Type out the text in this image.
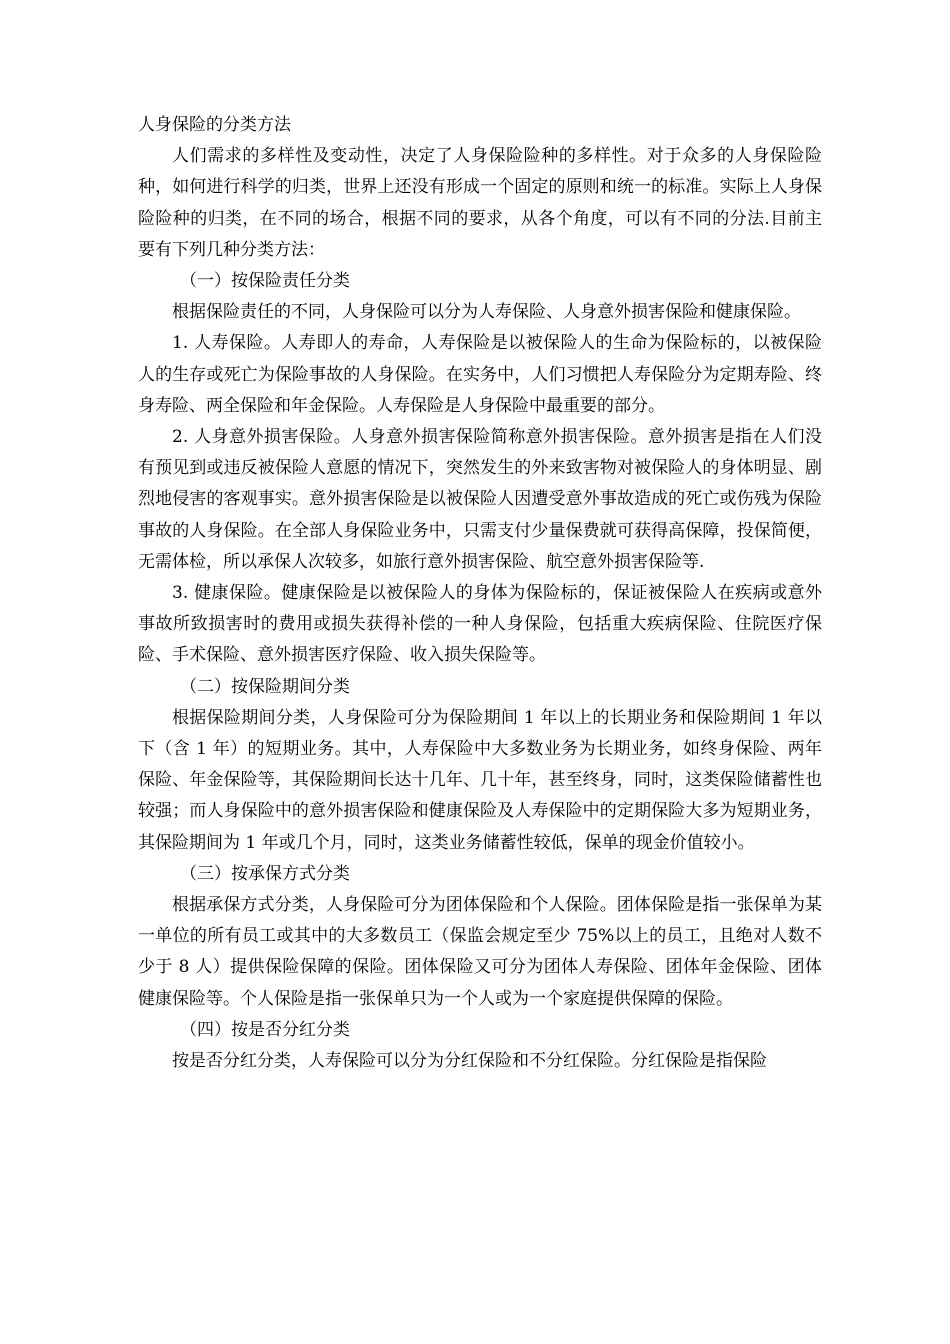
人身保险的分类方法

人们需求的多样性及变动性，决定了人身保险险种的多样性。对于众多的人身保险险种，如何进行科学的归类，世界上还没有形成一个固定的原则和统一的标准。实际上人身保险险种的归类，在不同的场合，根据不同的要求，从各个角度，可以有不同的分法.目前主要有下列几种分类方法：

（一）按保险责任分类

根据保险责任的不同，人身保险可以分为人寿保险、人身意外损害保险和健康保险。

1. 人寿保险。人寿即人的寿命，人寿保险是以被保险人的生命为保险标的，以被保险人的生存或死亡为保险事故的人身保险。在实务中，人们习惯把人寿保险分为定期寿险、终身寿险、两全保险和年金保险。人寿保险是人身保险中最重要的部分。

2. 人身意外损害保险。人身意外损害保险简称意外损害保险。意外损害是指在人们没有预见到或违反被保险人意愿的情况下，突然发生的外来致害物对被保险人的身体明显、剧烈地侵害的客观事实。意外损害保险是以被保险人因遭受意外事故造成的死亡或伤残为保险事故的人身保险。在全部人身保险业务中，只需支付少量保费就可获得高保障，投保简便，无需体检，所以承保人次较多，如旅行意外损害保险、航空意外损害保险等.

3. 健康保险。健康保险是以被保险人的身体为保险标的，保证被保险人在疾病或意外事故所致损害时的费用或损失获得补偿的一种人身保险，包括重大疾病保险、住院医疗保险、手术保险、意外损害医疗保险、收入损失保险等。

（二）按保险期间分类

根据保险期间分类，人身保险可分为保险期间 1 年以上的长期业务和保险期间 1 年以下（含 1 年）的短期业务。其中，人寿保险中大多数业务为长期业务，如终身保险、两年保险、年金保险等，其保险期间长达十几年、几十年，甚至终身，同时，这类保险储蓄性也较强；而人身保险中的意外损害保险和健康保险及人寿保险中的定期保险大多为短期业务，其保险期间为 1 年或几个月，同时，这类业务储蓄性较低，保单的现金价值较小。

（三）按承保方式分类

根据承保方式分类，人身保险可分为团体保险和个人保险。团体保险是指一张保单为某一单位的所有员工或其中的大多数员工（保监会规定至少 75%以上的员工，且绝对人数不少于 8 人）提供保险保障的保险。团体保险又可分为团体人寿保险、团体年金保险、团体健康保险等。个人保险是指一张保单只为一个人或为一个家庭提供保障的保险。

（四）按是否分红分类

按是否分红分类，人寿保险可以分为分红保险和不分红保险。分红保险是指保险
